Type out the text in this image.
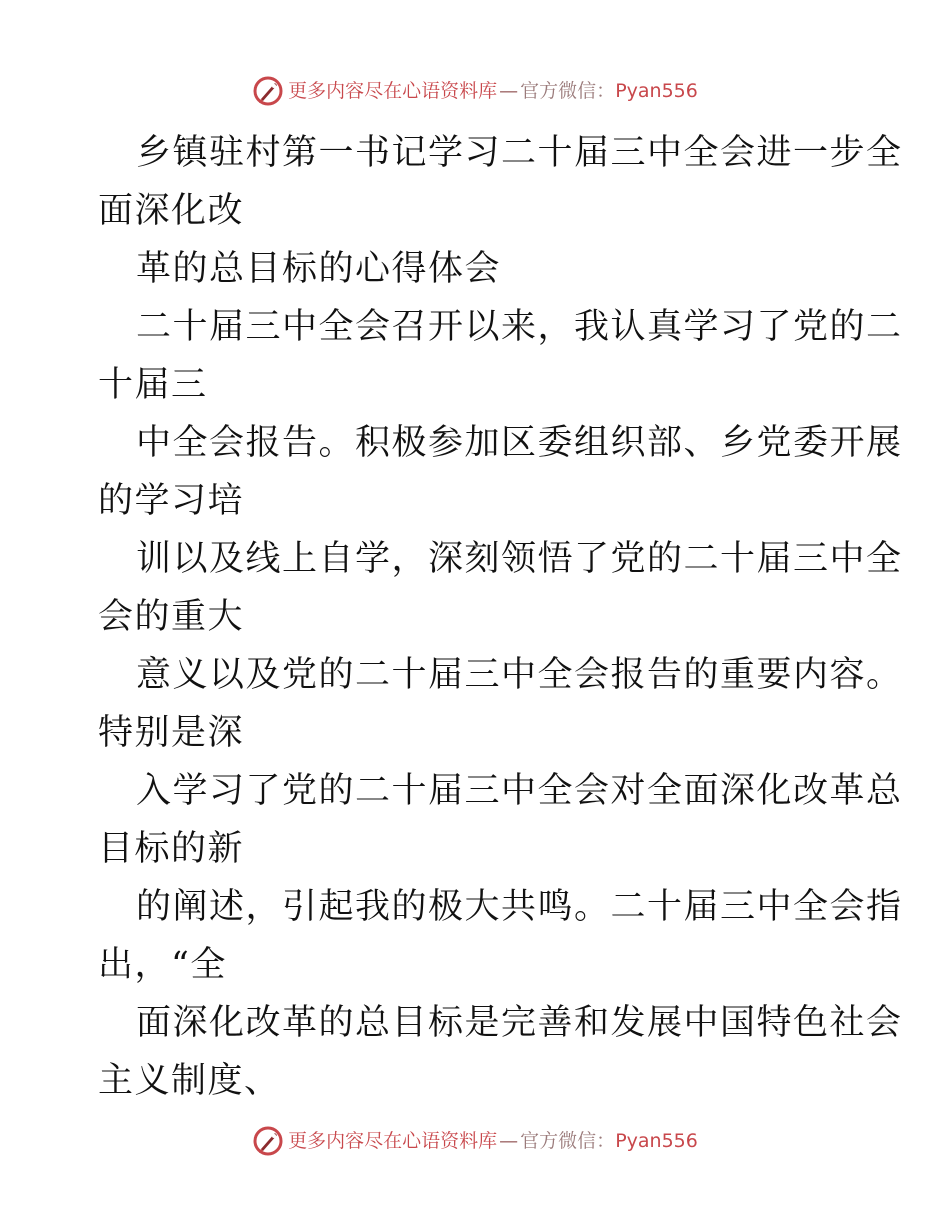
更多内容尽在心语资料库 — 官方微信： Pyan556
乡镇驻村第一书记学习二十届三中全会进一步全
面深化改
革的总目标的心得体会
二十届三中全会召开以来，我认真学习了党的二
十届三
中全会报告。积极参加区委组织部、乡党委开展
的学习培
训以及线上自学，深刻领悟了党的二十届三中全
会的重大
意义以及党的二十届三中全会报告的重要内容。
特别是深
入学习了党的二十届三中全会对全面深化改革总
目标的新
的阐述，引起我的极大共鸣。二十届三中全会指
出，“全
面深化改革的总目标是完善和发展中国特色社会
主义制度、
更多内容尽在心语资料库 — 官方微信： Pyan556
